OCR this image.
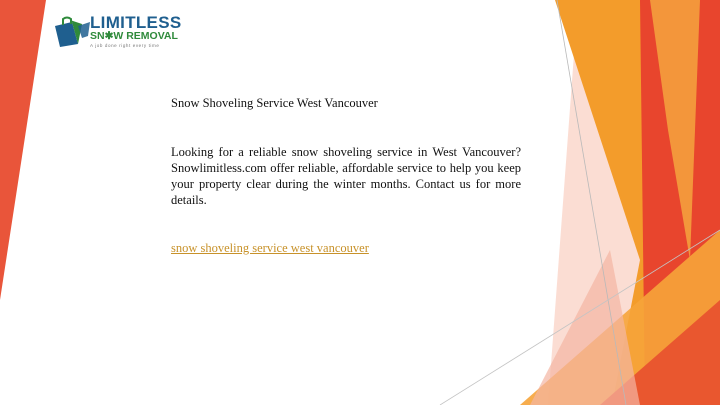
LIMITLESS
SN✱W REMOVAL
A job done right every time
Snow Shoveling Service West Vancouver

Looking for a reliable snow shoveling service in West Vancouver? Snowlimitless.com offer reliable, affordable service to help you keep your property clear during the winter months. Contact us for more details.

snow shoveling service west vancouver
